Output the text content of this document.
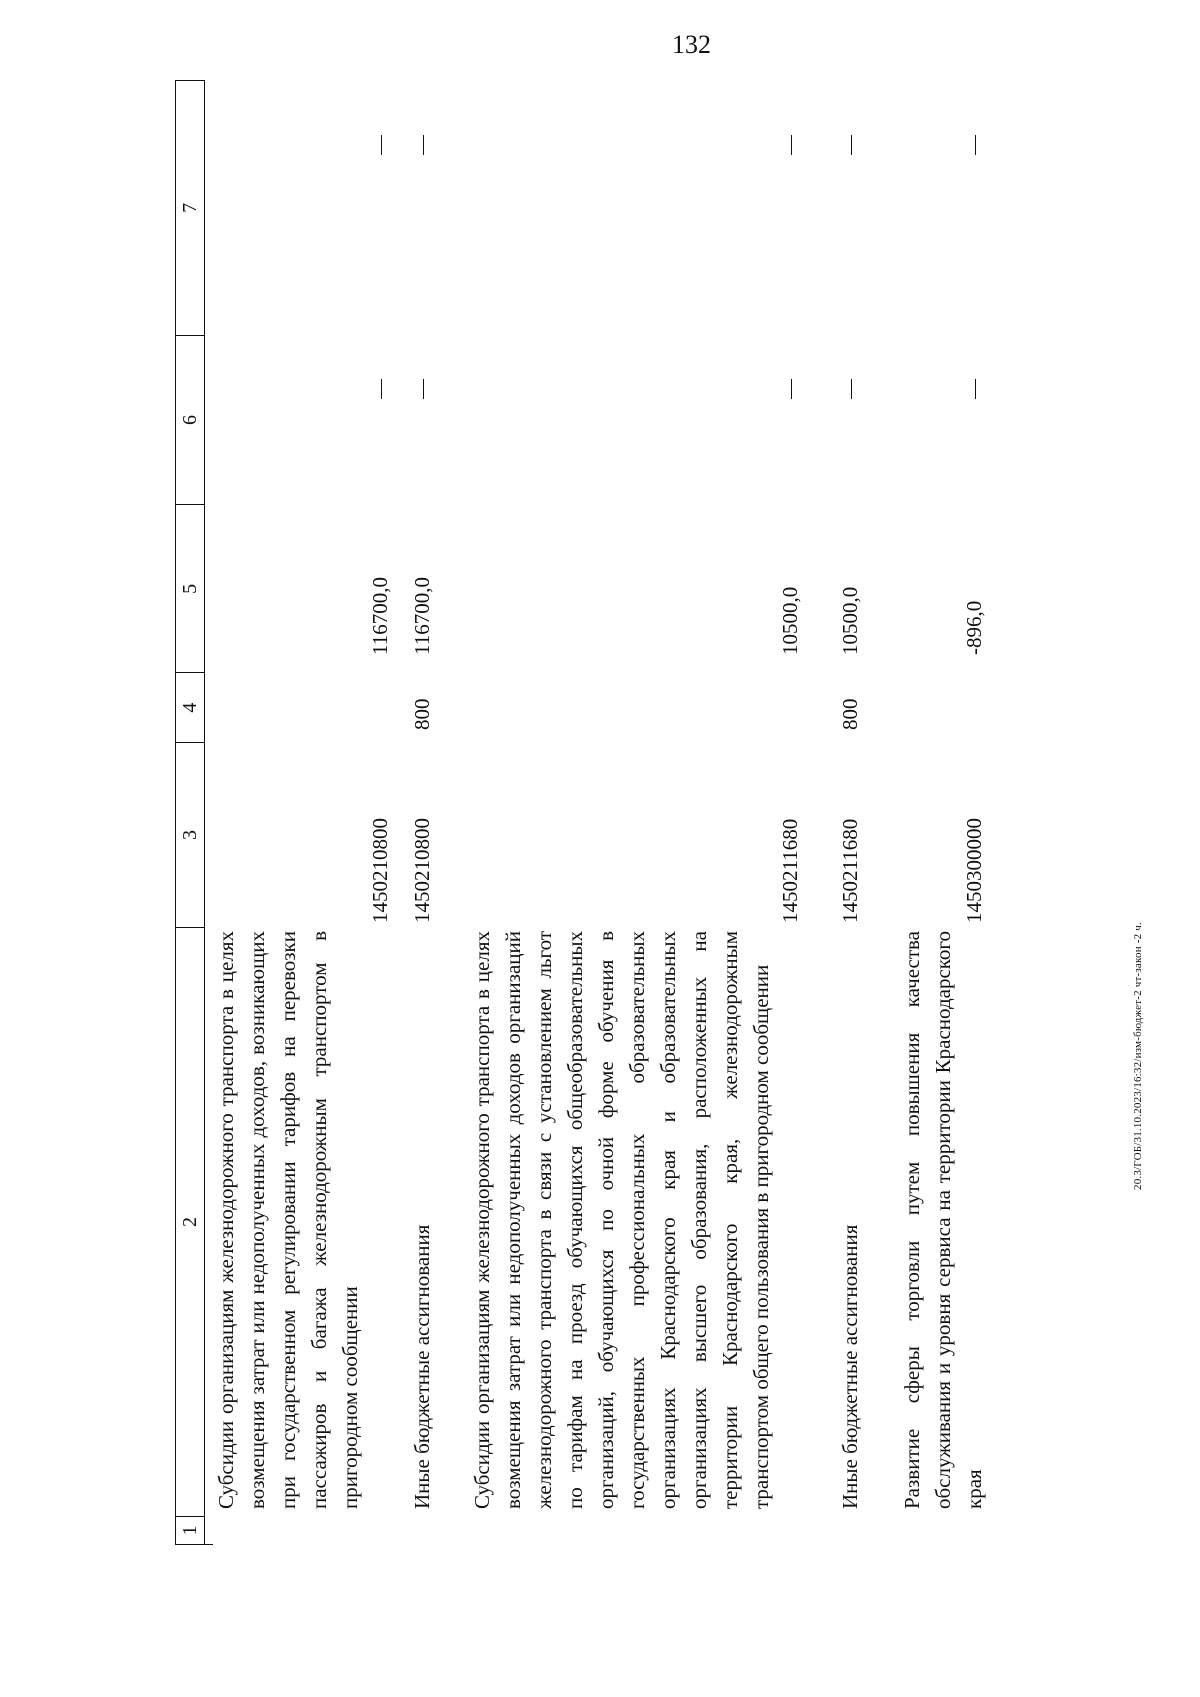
132
1
2
3
4
5
6
7
Субсидии организациям железнодорожного транспорта в целях возмещения затрат или недополученных доходов, возникающих при государственном регулировании тарифов на перевозки пассажиров и багажа железнодорожным транспортом в пригородном сообщении
1450210800
116700,0
Иные бюджетные ассигнования
1450210800
800
116700,0
Субсидии организациям железнодорожного транспорта в целях возмещения затрат или недополученных доходов организаций железнодорожного транспорта в связи с установлением льгот по тарифам на проезд обучающихся общеобразовательных организаций, обучающихся по очной форме обучения в государственных профессиональных образовательных организациях Краснодарского края и образовательных организациях высшего образования, расположенных на территории Краснодарского края, железнодорожным транспортом общего пользования в пригородном сообщении
1450211680
10500,0
Иные бюджетные ассигнования
1450211680
800
10500,0
Развитие сферы торговли путем повышения качества обслуживания и уровня сервиса на территории Краснодарского края
1450300000
-896,0
20.3/ГОБ/31.10.2023/16:32/изм-бюджет-2 чт-закон -2 ч.
